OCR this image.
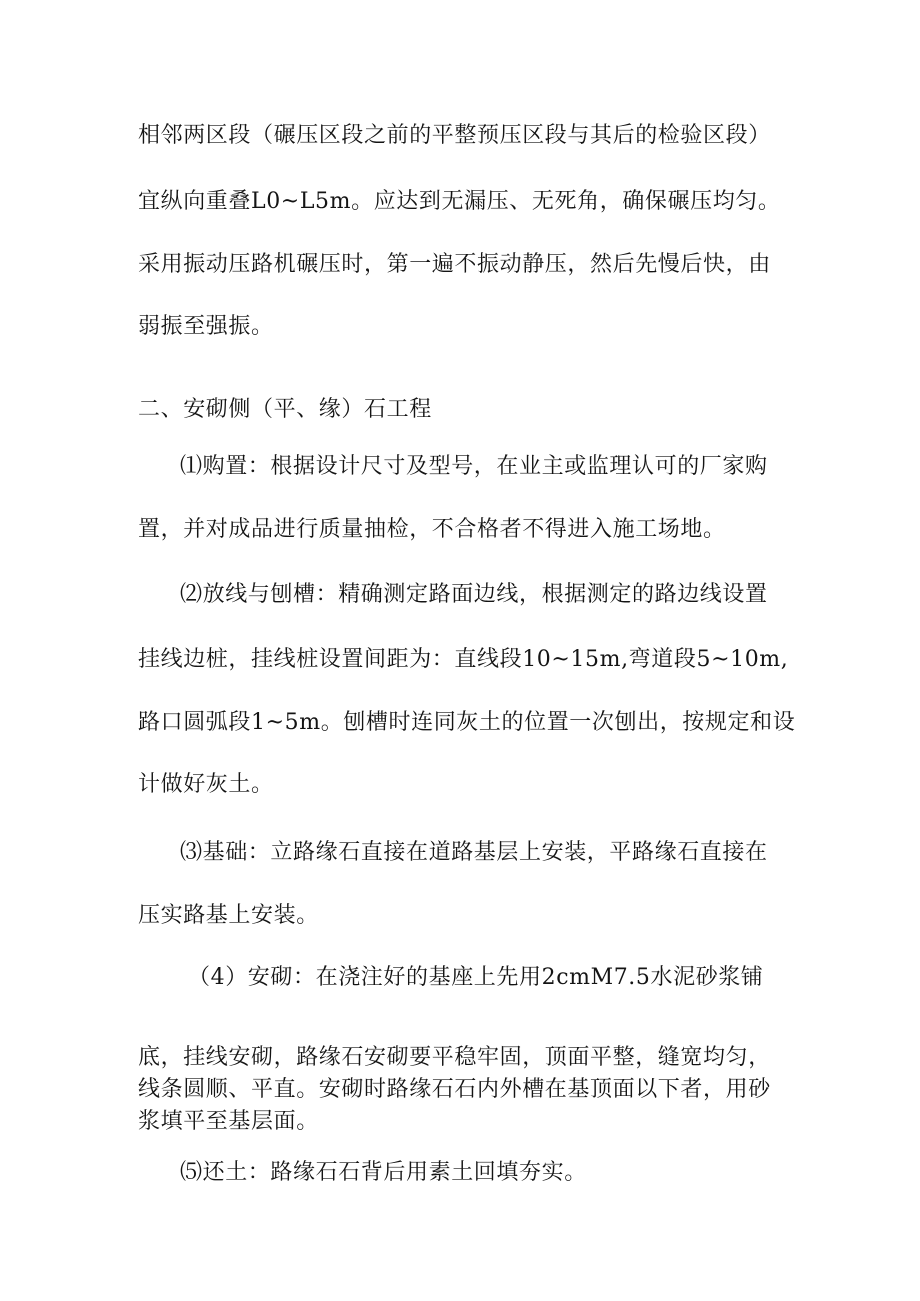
相邻两区段（碾压区段之前的平整预压区段与其后的检验区段）
宜纵向重叠L0~L5m。应达到无漏压、无死角，确保碾压均匀。
采用振动压路机碾压时，第一遍不振动静压，然后先慢后快，由
弱振至强振。
二、安砌侧（平、缘）石工程
⑴购置：根据设计尺寸及型号，在业主或监理认可的厂家购
置，并对成品进行质量抽检，不合格者不得进入施工场地。
⑵放线与刨槽：精确测定路面边线，根据测定的路边线设置
挂线边桩，挂线桩设置间距为：直线段10~15m,弯道段5~10m,
路口圆弧段1~5m。刨槽时连同灰土的位置一次刨出，按规定和设
计做好灰土。
⑶基础：立路缘石直接在道路基层上安装，平路缘石直接在
压实路基上安装。
（4）安砌：在浇注好的基座上先用2cmM7.5水泥砂浆铺
底，挂线安砌，路缘石安砌要平稳牢固，顶面平整，缝宽均匀，
线条圆顺、平直。安砌时路缘石石内外槽在基顶面以下者，用砂
浆填平至基层面。
⑸还土：路缘石石背后用素土回填夯实。
